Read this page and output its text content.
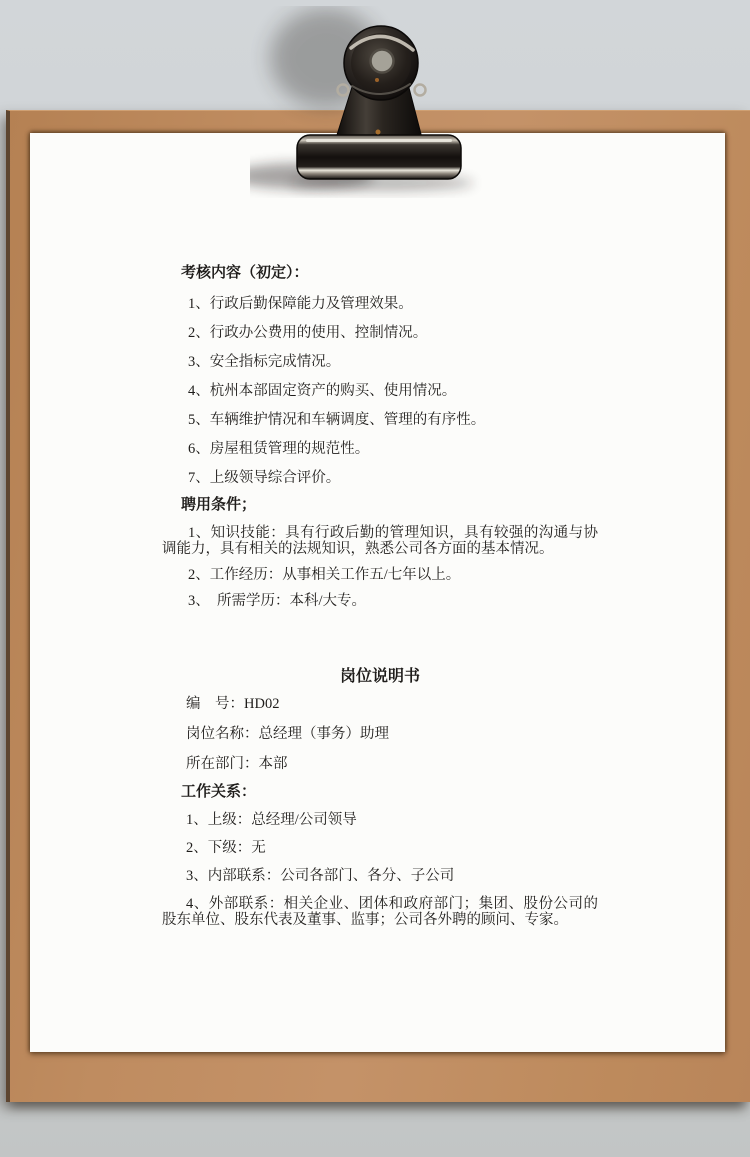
考核内容（初定）：

1、行政后勤保障能力及管理效果。

2、行政办公费用的使用、控制情况。

3、安全指标完成情况。

4、杭州本部固定资产的购买、使用情况。

5、车辆维护情况和车辆调度、管理的有序性。

6、房屋租赁管理的规范性。

7、上级领导综合评价。

聘用条件；

1、知识技能：具有行政后勤的管理知识，具有较强的沟通与协调能力，具有相关的法规知识，熟悉公司各方面的基本情况。

2、工作经历：从事相关工作五/七年以上。

3、　所需学历：本科/大专。

岗位说明书

编　号：HD02

岗位名称：总经理（事务）助理

所在部门：本部

工作关系：

1、上级：总经理/公司领导

2、下级：无

3、内部联系：公司各部门、各分、子公司

4、外部联系：相关企业、团体和政府部门；集团、股份公司的股东单位、股东代表及董事、监事；公司各外聘的顾问、专家。
